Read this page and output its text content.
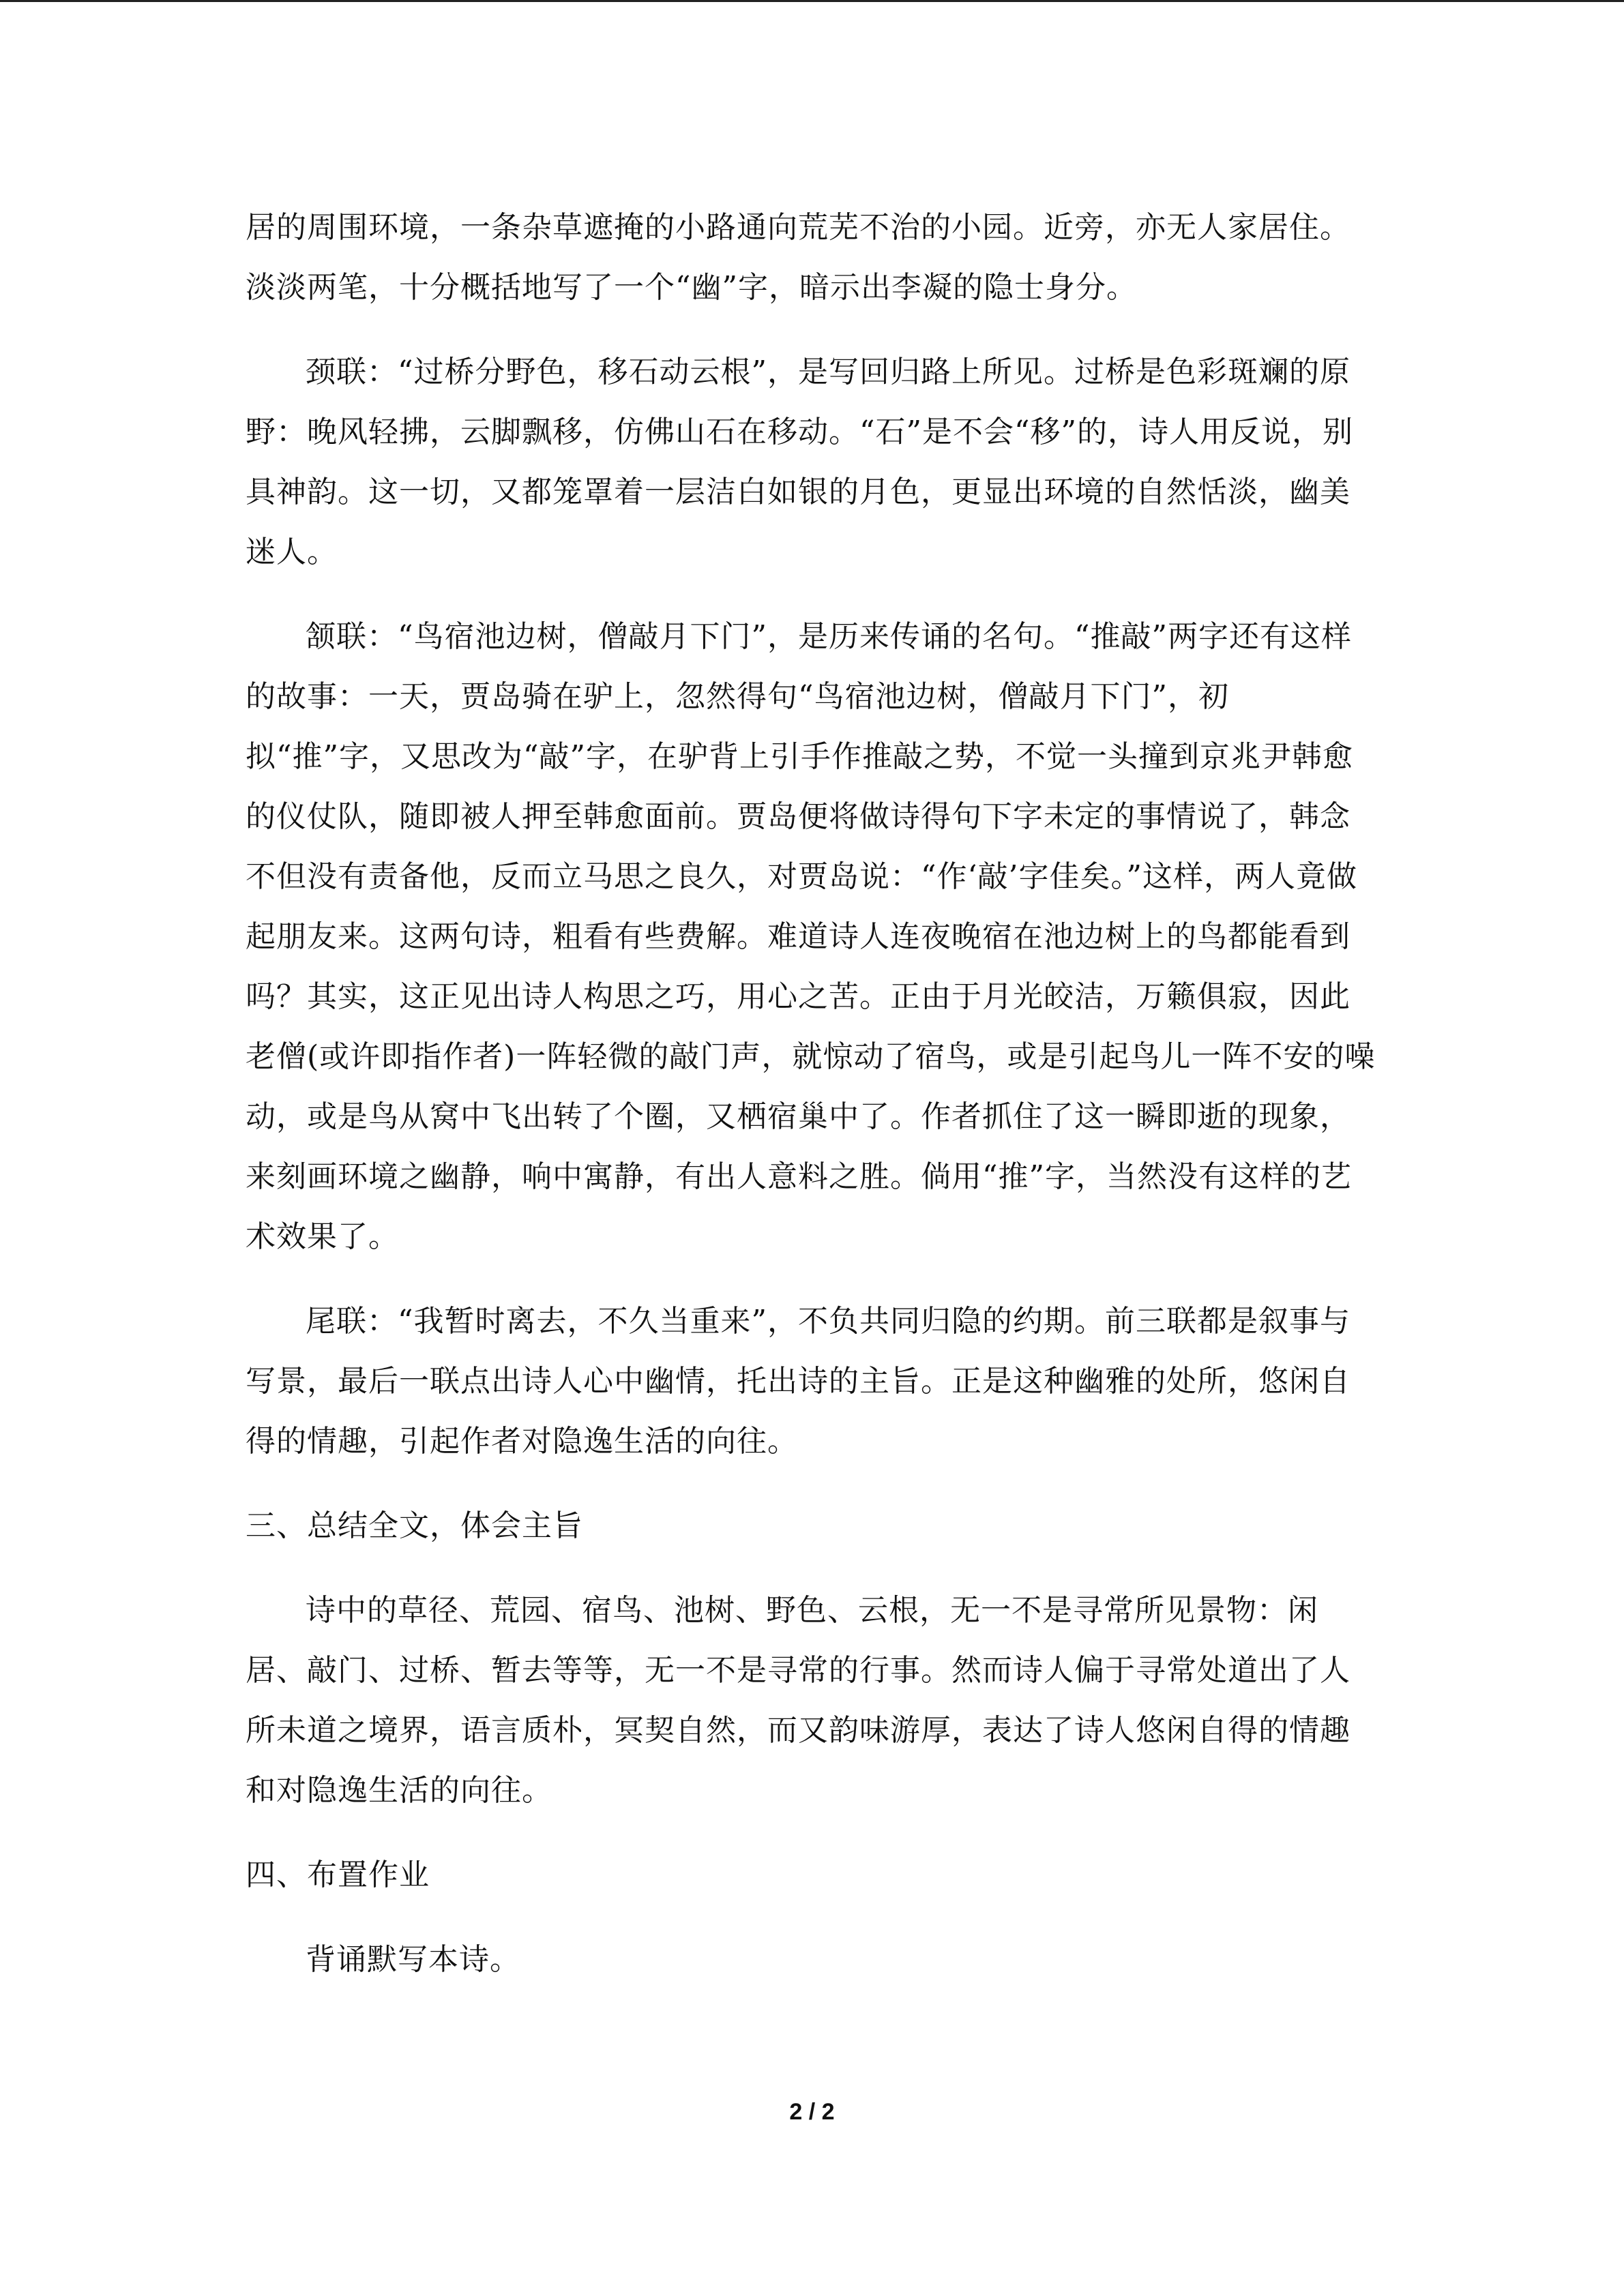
居的周围环境，一条杂草遮掩的小路通向荒芜不治的小园。近旁，亦无人家居住。淡淡两笔，十分概括地写了一个“幽”字，暗示出李凝的隐士身分。

颈联：“过桥分野色，移石动云根”，是写回归路上所见。过桥是色彩斑斓的原野：晚风轻拂，云脚飘移，仿佛山石在移动。“石”是不会“移”的，诗人用反说，别具神韵。这一切，又都笼罩着一层洁白如银的月色，更显出环境的自然恬淡，幽美迷人。

颔联：“鸟宿池边树，僧敲月下门”，是历来传诵的名句。“推敲”两字还有这样的故事：一天，贾岛骑在驴上，忽然得句“鸟宿池边树，僧敲月下门”，初拟“推”字，又思改为“敲”字，在驴背上引手作推敲之势，不觉一头撞到京兆尹韩愈的仪仗队，随即被人押至韩愈面前。贾岛便将做诗得句下字未定的事情说了，韩念不但没有责备他，反而立马思之良久，对贾岛说：“作‘敲’字佳矣。”这样，两人竟做起朋友来。这两句诗，粗看有些费解。难道诗人连夜晚宿在池边树上的鸟都能看到吗？其实，这正见出诗人构思之巧，用心之苦。正由于月光皎洁，万籁俱寂，因此老僧(或许即指作者)一阵轻微的敲门声，就惊动了宿鸟，或是引起鸟儿一阵不安的噪动，或是鸟从窝中飞出转了个圈，又栖宿巢中了。作者抓住了这一瞬即逝的现象，来刻画环境之幽静，响中寓静，有出人意料之胜。倘用“推”字，当然没有这样的艺术效果了。

尾联：“我暂时离去，不久当重来”，不负共同归隐的约期。前三联都是叙事与写景，最后一联点出诗人心中幽情，托出诗的主旨。正是这种幽雅的处所，悠闲自得的情趣，引起作者对隐逸生活的向往。

三、总结全文，体会主旨

诗中的草径、荒园、宿鸟、池树、野色、云根，无一不是寻常所见景物：闲居、敲门、过桥、暂去等等，无一不是寻常的行事。然而诗人偏于寻常处道出了人所未道之境界，语言质朴，冥契自然，而又韵味游厚，表达了诗人悠闲自得的情趣和对隐逸生活的向往。

四、布置作业

背诵默写本诗。

2 / 2
